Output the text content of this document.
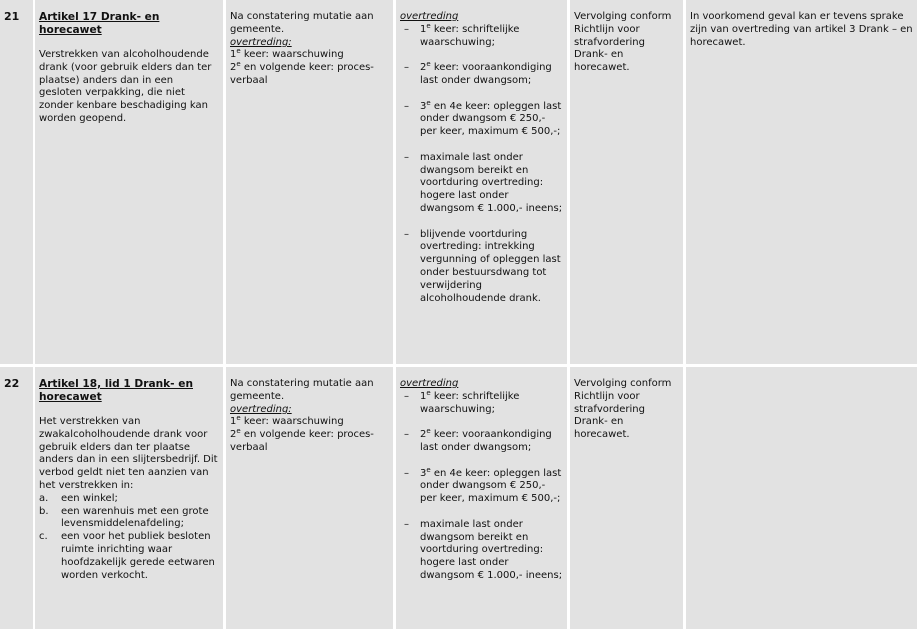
21	Artikel 17 Drank- en horecawet

Verstrekken van alcoholhoudende drank (voor gebruik elders dan ter plaatse) anders dan in een gesloten verpakking, die niet zonder kenbare beschadiging kan worden geopend.

Na constatering mutatie aan gemeente.

overtreding:

1e keer: waarschuwing

2e en volgende keer: proces-verbaal

overtreding

– 1e keer: schriftelijke waarschuwing;
– 2e keer: vooraankondiging last onder dwangsom;
– 3e en 4e keer: opleggen last onder dwangsom € 250,- per keer, maximum € 500,-;
– maximale last onder dwangsom bereikt en voortduring overtreding: hogere last onder dwangsom € 1.000,- ineens;
– blijvende voortduring overtreding: intrekking vergunning of opleggen last onder bestuursdwang tot verwijdering alcoholhoudende drank.

Vervolging conform Richtlijn voor strafvordering Drank- en horecawet.

In voorkomend geval kan er tevens sprake zijn van overtreding van artikel 3 Drank – en horecawet.

22	Artikel 18, lid 1 Drank- en horecawet

Het verstrekken van zwakalcoholhoudende drank voor gebruik elders dan ter plaatse anders dan in een slijtersbedrijf. Dit verbod geldt niet ten aanzien van het verstrekken in:

a. een winkel;
b. een warenhuis met een grote levensmiddelenafdeling;
c. een voor het publiek besloten ruimte inrichting waar hoofdzakelijk gerede eetwaren worden verkocht.

Na constatering mutatie aan gemeente.

overtreding:

1e keer: waarschuwing

2e en volgende keer: proces-verbaal

overtreding

– 1e keer: schriftelijke waarschuwing;
– 2e keer: vooraankondiging last onder dwangsom;
– 3e en 4e keer: opleggen last onder dwangsom € 250,- per keer, maximum € 500,-;
– maximale last onder dwangsom bereikt en voortduring overtreding: hogere last onder dwangsom € 1.000,- ineens;

Vervolging conform Richtlijn voor strafvordering Drank- en horecawet.
